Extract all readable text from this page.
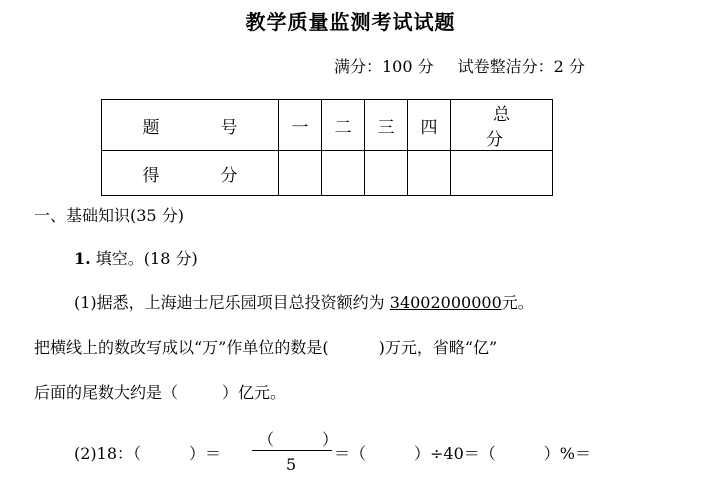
教学质量监测考试试题
满分：100 分 试卷整洁分：2 分
题　号	一	二	三	四	总　分
得　分					
一、基础知识(35 分)
1. 填空。(18 分)
(1)据悉，上海迪士尼乐园项目总投资额约为 34002000000元。
把横线上的数改写成以“万”作单位的数是(	)万元，省略“亿”
后面的尾数大约是（	）亿元。
(2)18：（　　　）＝
（　　　）
5
＝（　　　）÷40＝（　　　）%＝
